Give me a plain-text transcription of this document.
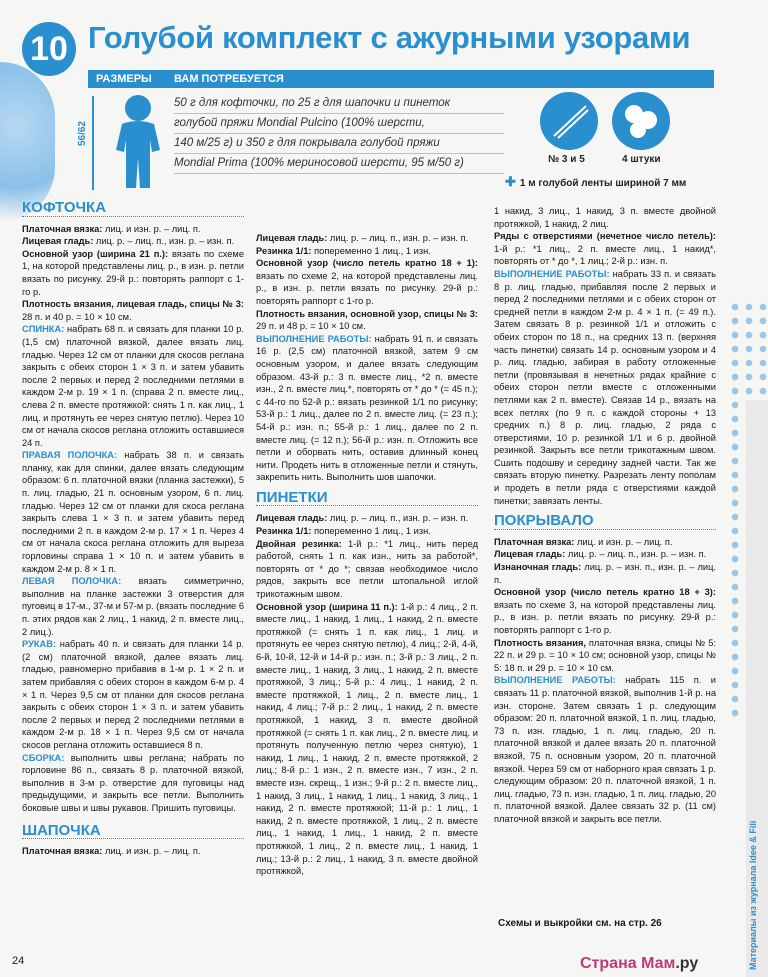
10 Голубой комплект с ажурными узорами
РАЗМЕРЫ	ВАМ ПОТРЕБУЕТСЯ
56/62
50 г для кофточки, по 25 г для шапочки и пинеток
голубой пряжи Mondial Pulcino (100% шерсти,
140 м/25 г) и 350 г для покрывала голубой пряжи
Mondial Prima (100% мериносовой шерсти, 95 м/50 г)	№ 3 и 5	4 штуки
✚ 1 м голубой ленты шириной 7 мм
КОФТОЧКА

Платочная вязка: лиц. и изн. р. – лиц. п.

Лицевая гладь: лиц. р. – лиц. п., изн. р. – изн. п.

Основной узор (ширина 21 п.): вязать по схеме 1, на которой представлены лиц. р., в изн. р. петли вязать по рисунку. 29-й р.: повторять раппорт с 1-го р.

Плотность вязания, лицевая гладь, спицы № 3: 28 п. и 40 р. = 10 × 10 см.

СПИНКА: набрать 68 п. и связать для планки 10 р. (1,5 см) платочной вязкой, далее вязать лиц. гладью. Через 12 см от планки для скосов реглана закрыть с обеих сторон 1 × 3 п. и затем убавить после 2 первых и перед 2 последними петлями в каждом 2-м р. 19 × 1 п. (справа 2 п. вместе лиц., слева 2 п. вместе протяжкой: снять 1 п. как лиц., 1 лиц. и протянуть ее через снятую петлю). Через 10 см от начала скосов реглана отложить оставшиеся 24 п.

ПРАВАЯ ПОЛОЧКА: набрать 38 п. и связать планку, как для спинки, далее вязать следующим образом: 6 п. платочной вязки (планка застежки), 5 п. лиц. гладью, 21 п. основным узором, 6 п. лиц. гладью. Через 12 см от планки для скоса реглана закрыть слева 1 × 3 п. и затем убавить перед последними 2 п. в каждом 2-м р. 17 × 1 п. Через 4 см от начала скоса реглана отложить для выреза горловины справа 1 × 10 п. и затем убавить в каждом 2-м р. 8 × 1 п.

ЛЕВАЯ ПОЛОЧКА: вязать симметрично, выполнив на планке застежки 3 отверстия для пуговиц в 17-м., 37-м и 57-м р. (вязать последние 6 п. этих рядов как 2 лиц., 1 накид, 2 п. вместе лиц., 2 лиц.).

РУКАВ: набрать 40 п. и связать для планки 14 р. (2 см) платочной вязкой, далее вязать лиц. гладью, равномерно прибавив в 1-м р. 1 × 2 п. и затем прибавляя с обеих сторон в каждом 6-м р. 4 × 1 п. Через 9,5 см от планки для скосов реглана закрыть с обеих сторон 1 × 3 п. и затем убавить после 2 первых и перед 2 последними петлями в каждом 2-м р. 18 × 1 п. Через 9,5 см от начала скосов реглана отложить оставшиеся 8 п.

СБОРКА: выполнить швы реглана; набрать по горловине 86 п., связать 8 р. платочной вязкой, выполнив в 3-м р. отверстие для пуговицы над предыдущими, и закрыть все петли. Выполнить боковые швы и швы рукавов. Пришить пуговицы.

ШАПОЧКА

Платочная вязка: лиц. и изн. р. – лиц. п.

Лицевая гладь: лиц. р. – лиц. п., изн. р. – изн. п.

Резинка 1/1: попеременно 1 лиц., 1 изн.

Основной узор (число петель кратно 18 + 1): вязать по схеме 2, на которой представлены лиц. р., в изн. р. петли вязать по рисунку. 29-й р.: повторять раппорт с 1-го р.

Плотность вязания, основной узор, спицы № 3: 29 п. и 48 р. = 10 × 10 см.

ВЫПОЛНЕНИЕ РАБОТЫ: набрать 91 п. и связать 16 р. (2,5 см) платочной вязкой, затем 9 см основным узором, и далее вязать следующим образом. 43-й р.: 3 п. вместе лиц., *2 п. вместе изн., 2 п. вместе лиц.*, повторять от * до * (= 45 п.); с 44-го по 52-й р.: вязать резинкой 1/1 по рисунку; 53-й р.: 1 лиц., далее по 2 п. вместе лиц. (= 23 п.); 54-й р.: изн. п.; 55-й р.: 1 лиц., далее по 2 п. вместе лиц. (= 12 п.); 56-й р.: изн. п. Отложить все петли и оборвать нить, оставив длинный конец нити. Продеть нить в отложенные петли и стянуть, закрепить нить. Выполнить шов шапочки.

ПИНЕТКИ

Лицевая гладь: лиц. р. – лиц. п., изн. р. – изн. п.

Резинка 1/1: попеременно 1 лиц., 1 изн.

Двойная резинка: 1-й р.: *1 лиц., нить перед работой, снять 1 п. как изн., нить за работой*, повторять от * до *; связав необходимое число рядов, закрыть все петли штопальной иглой трикотажным швом.

Основной узор (ширина 11 п.): 1-й р.: 4 лиц., 2 п. вместе лиц., 1 накид, 1 лиц., 1 накид, 2 п. вместе протяжкой (= снять 1 п. как лиц., 1 лиц. и протянуть ее через снятую петлю), 4 лиц.; 2-й, 4-й, 6-й, 10-й, 12-й и 14-й р.: изн. п.; 3-й р.: 3 лиц., 2 п. вместе лиц., 1 накид, 3 лиц., 1 накид, 2 п. вместе протяжкой, 3 лиц.; 5-й р.: 4 лиц., 1 накид, 2 п. вместе протяжкой, 1 лиц., 2 п. вместе лиц., 1 накид, 4 лиц.; 7-й р.: 2 лиц., 1 накид, 2 п. вместе протяжкой, 1 накид, 3 п. вместе двойной протяжкой (= снять 1 п. как лиц., 2 п. вместе лиц. и протянуть полученную петлю через снятую), 1 накид, 1 лиц., 1 накид, 2 п. вместе протяжкой, 2 лиц.; 8-й р.: 1 изн., 2 п. вместе изн., 7 изн., 2 п. вместе изн. скрещ., 1 изн.; 9-й р.: 2 п. вместе лиц., 1 накид, 3 лиц., 1 накид, 1 лиц., 1 накид, 3 лиц., 1 накид, 2 п. вместе протяжкой; 11-й р.: 1 лиц., 1 накид, 2 п. вместе протяжкой, 1 лиц., 2 п. вместе лиц., 1 накид, 1 лиц., 1 накид, 2 п. вместе протяжкой, 1 лиц., 2 п. вместе лиц., 1 накид, 1 лиц.; 13-й р.: 2 лиц., 1 накид, 3 п. вместе двойной протяжкой,

1 накид, 3 лиц., 1 накид, 3 п. вместе двойной протяжкой, 1 накид, 2 лиц.

Ряды с отверстиями (нечетное число петель): 1-й р.: *1 лиц., 2 п. вместе лиц., 1 накид*, повторять от * до *, 1 лиц.; 2-й р.: изн. п.

ВЫПОЛНЕНИЕ РАБОТЫ: набрать 33 п. и связать 8 р. лиц. гладью, прибавляя после 2 первых и перед 2 последними петлями и с обеих сторон от средней петли в каждом 2-м р. 4 × 1 п. (= 49 п.). Затем связать 8 р. резинкой 1/1 и отложить с обеих сторон по 18 п., на средних 13 п. (верхняя часть пинетки) связать 14 р. основным узором и 4 р. лиц. гладью, забирая в работу отложенные петли (провязывая в нечетных рядах крайние с обеих сторон петли вместе с отложенными петлями как 2 п. вместе). Связав 14 р., вязать на всех петлях (по 9 п. с каждой стороны + 13 средних п.) 8 р. лиц. гладью, 2 ряда с отверстиями, 10 р. резинкой 1/1 и 6 р. двойной резинкой. Закрыть все петли трикотажным швом. Сшить подошву и середину задней части. Так же связать вторую пинетку. Разрезать ленту пополам и продеть в петли ряда с отверстиями каждой пинетки; завязать ленты.

ПОКРЫВАЛО

Платочная вязка: лиц. и изн. р. – лиц. п.

Лицевая гладь: лиц. р. – лиц. п., изн. р. – изн. п.

Изнаночная гладь: лиц. р. – изн. п., изн. р. – лиц. п.

Основной узор (число петель кратно 18 + 3): вязать по схеме 3, на которой представлены лиц. р., в изн. р. петли вязать по рисунку. 29-й р.: повторять раппорт с 1-го р.

Плотность вязания, платочная вязка, спицы № 5: 22 п. и 29 р. = 10 × 10 см; основной узор, спицы № 5: 18 п. и 29 р. = 10 × 10 см.

ВЫПОЛНЕНИЕ РАБОТЫ: набрать 115 п. и связать 11 р. платочной вязкой, выполнив 1-й р. на изн. стороне. Затем связать 1 р. следующим образом: 20 п. платочной вязкой, 1 п. лиц. гладью, 73 п. изн. гладью, 1 п. лиц. гладью, 20 п. платочной вязкой и далее вязать 20 п. платочной вязкой, 75 п. основным узором, 20 п. платочной вязкой. Через 59 см от наборного края связать 1 р. следующим образом: 20 п. платочной вязкой, 1 п. лиц. гладью, 73 п. изн. гладью, 1 п. лиц. гладью, 20 п. платочной вязкой. Далее связать 32 р. (11 см) платочной вязкой и закрыть все петли.

Схемы и выкройки см. на стр. 26
24	Материалы из журнала Idee & Fili
Страна Мам.ру
